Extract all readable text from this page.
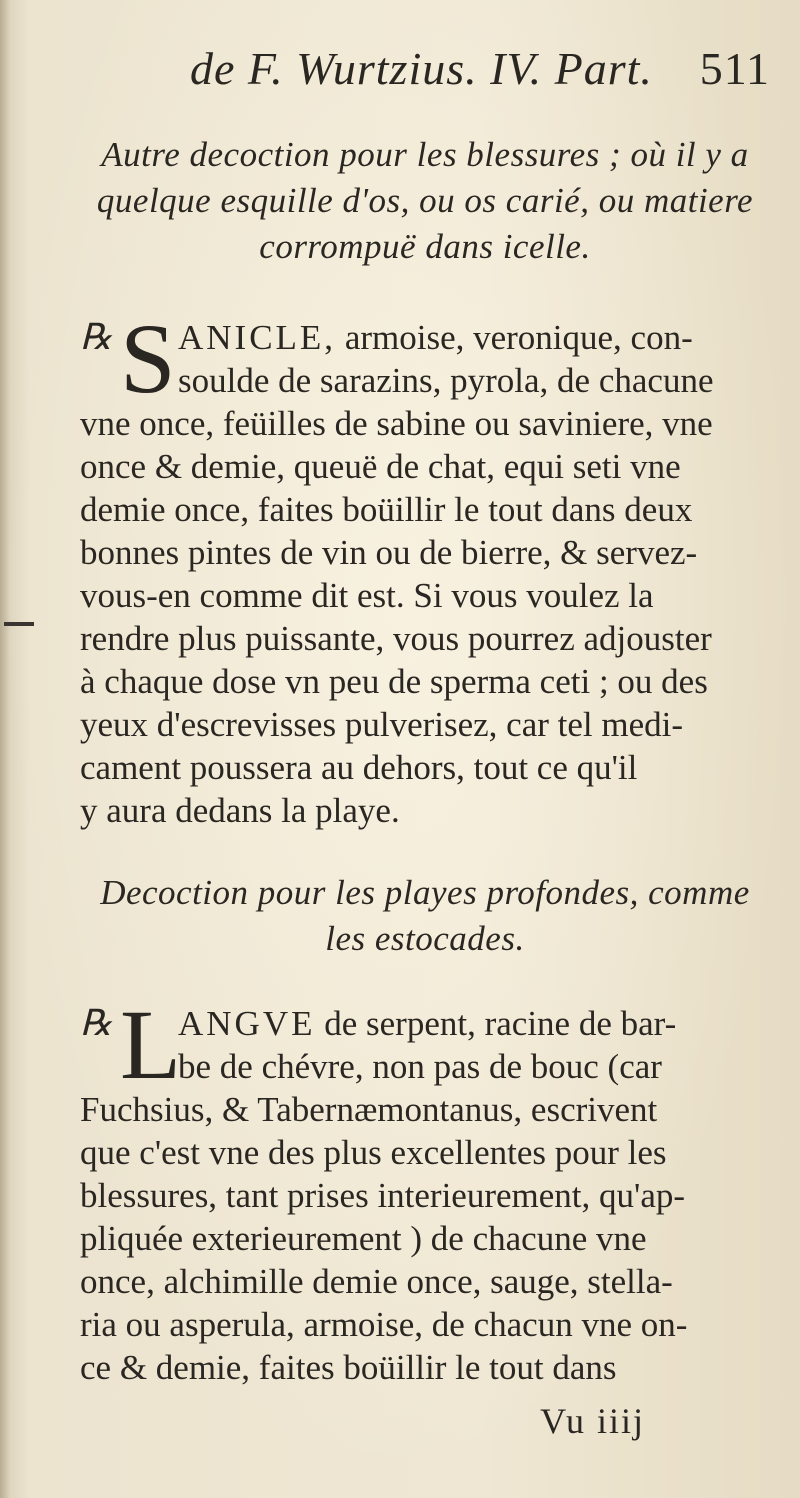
de F. Wurtzius. IV. Part. 511
Autre decoction pour les blessures ; où il y a
quelque esquille d'os, ou os carié, ou matiere
corrompuë dans icelle.
℞ S ANICLE, armoise, veronique, con-
soulde de sarazins, pyrola, de chacune
vne once, feüilles de sabine ou saviniere, vne
once & demie, queuë de chat, equi seti vne
demie once, faites boüillir le tout dans deux
bonnes pintes de vin ou de bierre, & servez-
vous-en comme dit est. Si vous voulez la
rendre plus puissante, vous pourrez adjouster
à chaque dose vn peu de sperma ceti ; ou des
yeux d'escrevisses pulverisez, car tel medi-
cament poussera au dehors, tout ce qu'il
y aura dedans la playe.
Decoction pour les playes profondes, comme
les estocades.
℞ L
ANGVE de serpent, racine de bar-
be de chévre, non pas de bouc (car
Fuchsius, & Tabernæmontanus, escrivent
que c'est vne des plus excellentes pour les
blessures, tant prises interieurement, qu'ap-
pliquée exterieurement ) de chacune vne
once, alchimille demie once, sauge, stella-
ria ou asperula, armoise, de chacun vne on-
ce & demie, faites boüillir le tout dans
Vu iiij
